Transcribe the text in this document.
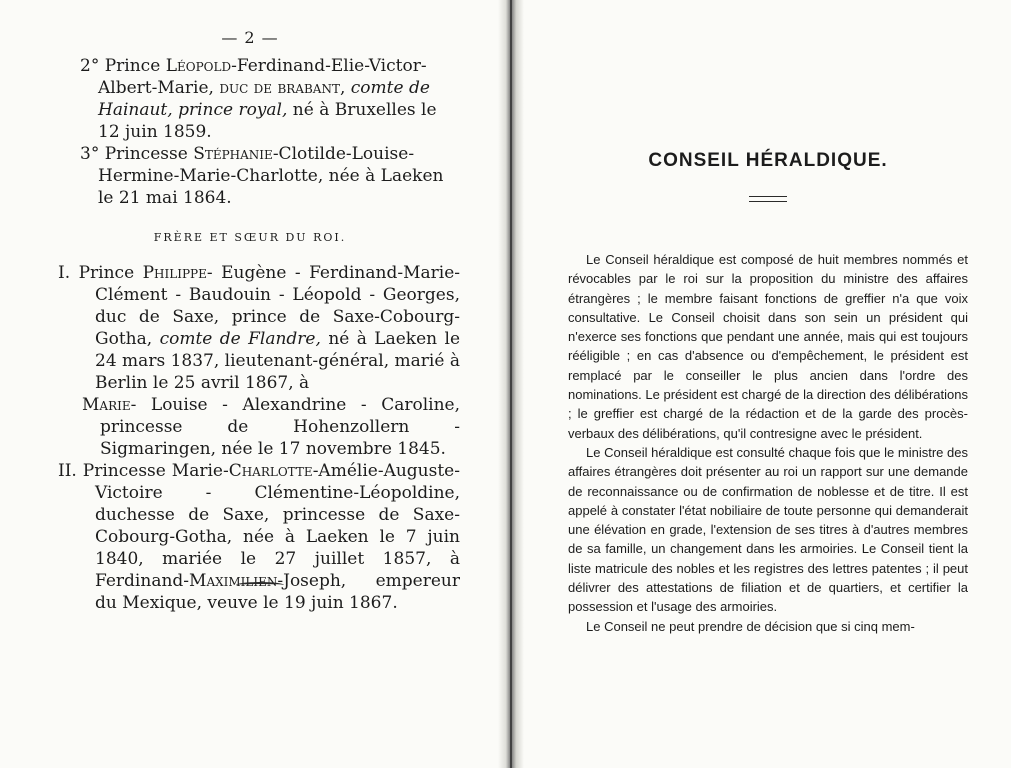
— 2 —

2° Prince Léopold-Ferdinand-Elie-Victor-Albert-Marie, duc de brabant, comte de Hainaut, prince royal, né à Bruxelles le 12 juin 1859.

3° Princesse Stéphanie-Clotilde-Louise-Hermine-Marie-Charlotte, née à Laeken le 21 mai 1864.

FRÈRE ET SŒUR DU ROI.

I. Prince Philippe- Eugène - Ferdinand-Marie-Clément - Baudouin - Léopold - Georges, duc de Saxe, prince de Saxe-Cobourg-Gotha, comte de Flandre, né à Laeken le 24 mars 1837, lieutenant-général, marié à Berlin le 25 avril 1867, à

Marie- Louise - Alexandrine - Caroline, princesse de Hohenzollern - Sigmaringen, née le 17 novembre 1845.

II. Princesse Marie-Charlotte-Amélie-Auguste-Victoire - Clémentine-Léopoldine, duchesse de Saxe, princesse de Saxe-Cobourg-Gotha, née à Laeken le 7 juin 1840, mariée le 27 juillet 1857, à Ferdinand-Maximilien-Joseph, empereur du Mexique, veuve le 19 juin 1867.

CONSEIL HÉRALDIQUE.

Le Conseil héraldique est composé de huit membres nommés et révocables par le roi sur la proposition du ministre des affaires étrangères ; le membre faisant fonctions de greffier n'a que voix consultative. Le Conseil choisit dans son sein un président qui n'exerce ses fonctions que pendant une année, mais qui est toujours rééligible ; en cas d'absence ou d'empêchement, le président est remplacé par le conseiller le plus ancien dans l'ordre des nominations. Le président est chargé de la direction des délibérations ; le greffier est chargé de la rédaction et de la garde des procès-verbaux des délibérations, qu'il contresigne avec le président.

Le Conseil héraldique est consulté chaque fois que le ministre des affaires étrangères doit présenter au roi un rapport sur une demande de reconnaissance ou de confirmation de noblesse et de titre. Il est appelé à constater l'état nobiliaire de toute personne qui demanderait une élévation en grade, l'extension de ses titres à d'autres membres de sa famille, un changement dans les armoiries. Le Conseil tient la liste matricule des nobles et les registres des lettres patentes ; il peut délivrer des attestations de filiation et de quartiers, et certifier la possession et l'usage des armoiries.

Le Conseil ne peut prendre de décision que si cinq mem-
